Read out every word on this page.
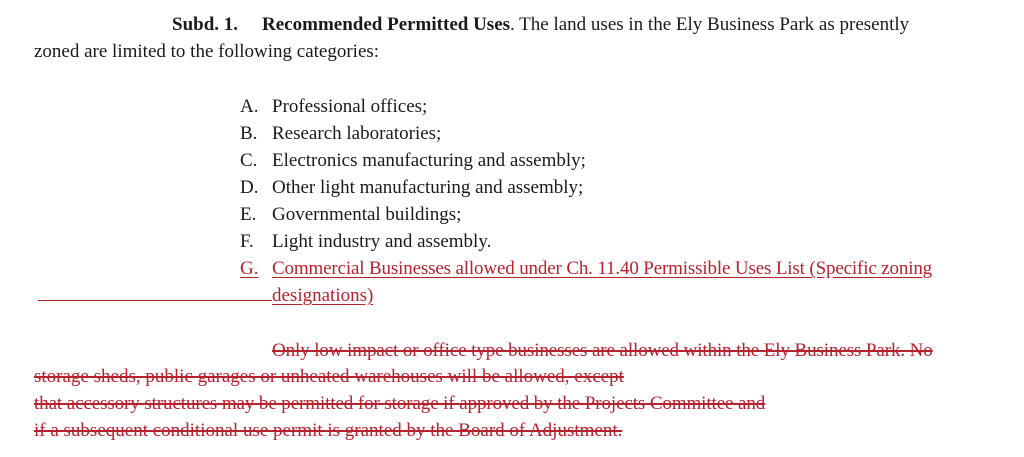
Subd. 1. Recommended Permitted Uses. The land uses in the Ely Business Park as presently
zoned are limited to the following categories:
A. Professional offices;
B. Research laboratories;
C. Electronics manufacturing and assembly;
D. Other light manufacturing and assembly;
E. Governmental buildings;
F. Light industry and assembly.
G. Commercial Businesses allowed under Ch. 11.40 Permissible Uses List (Specific zoning
designations)
Only low impact or office type businesses are allowed within the Ely Business Park. No
storage sheds, public garages or unheated warehouses will be allowed, except
that accessory structures may be permitted for storage if approved by the Projects Committee and
if a subsequent conditional use permit is granted by the Board of Adjustment.
